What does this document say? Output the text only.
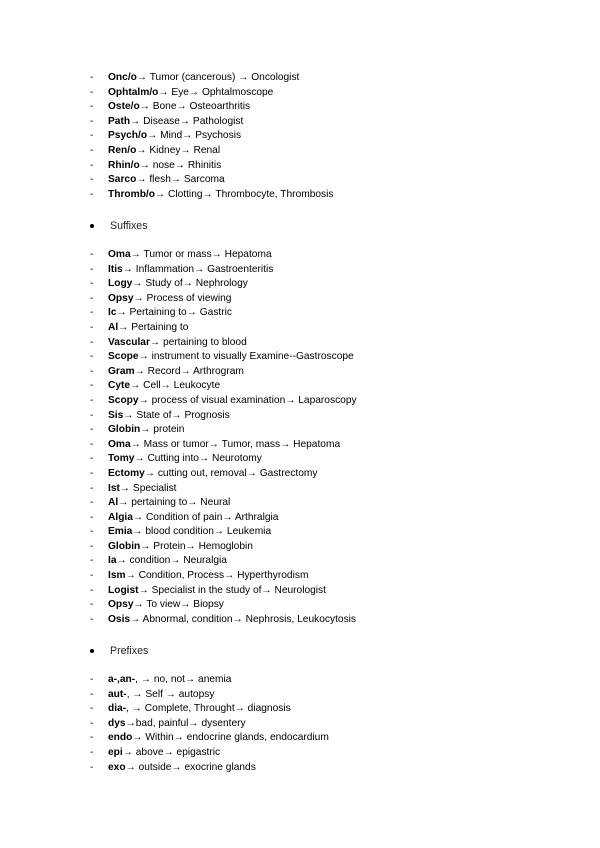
-	Onc/o → Tumor (cancerous) → Oncologist
-	Ophtalm/o → Eye→ Ophtalmoscope
-	Oste/o → Bone→ Osteoarthritis
-	Path → Disease→ Pathologist
-	Psych/o → Mind→ Psychosis
-	Ren/o → Kidney→ Renal
-	Rhin/o → nose→ Rhinitis
-	Sarco → flesh→ Sarcoma
-	Thromb/o → Clotting→ Thrombocyte, Thrombosis
Suffixes
-	Oma → Tumor or mass→ Hepatoma
-	Itis → Inflammation→ Gastroenteritis
-	Logy → Study of→ Nephrology
-	Opsy → Process of viewing
-	Ic → Pertaining to→ Gastric
-	Al → Pertaining to
-	Vascular → pertaining to blood
-	Scope → instrument to visually Examine--Gastroscope
-	Gram → Record→ Arthrogram
-	Cyte → Cell→ Leukocyte
-	Scopy → process of visual examination→ Laparoscopy
-	Sis → State of→ Prognosis
-	Globin → protein
-	Oma → Mass or tumor→ Tumor, mass→ Hepatoma
-	Tomy → Cutting into→ Neurotomy
-	Ectomy → cutting out, removal→ Gastrectomy
-	Ist → Specialist
-	Al → pertaining to→ Neural
-	Algia → Condition of pain→ Arthralgia
-	Emia → blood condition→ Leukemia
-	Globin → Protein→ Hemoglobin
-	Ia → condition→ Neuralgia
-	Ism → Condition, Process→ Hyperthyrodism
-	Logist → Specialist in the study of→ Neurologist
-	Opsy → To view→ Biopsy
-	Osis → Abnormal, condition→ Nephrosis, Leukocytosis
Prefixes
-	a-,an- , → no, not→ anemia
-	aut- , → Self → autopsy
-	dia- , → Complete, Throught→ diagnosis
-	dys →bad, painful→ dysentery
-	endo → Within→ endocrine glands, endocardium
-	epi → above→ epigastric
-	exo → outside→ exocrine glands
